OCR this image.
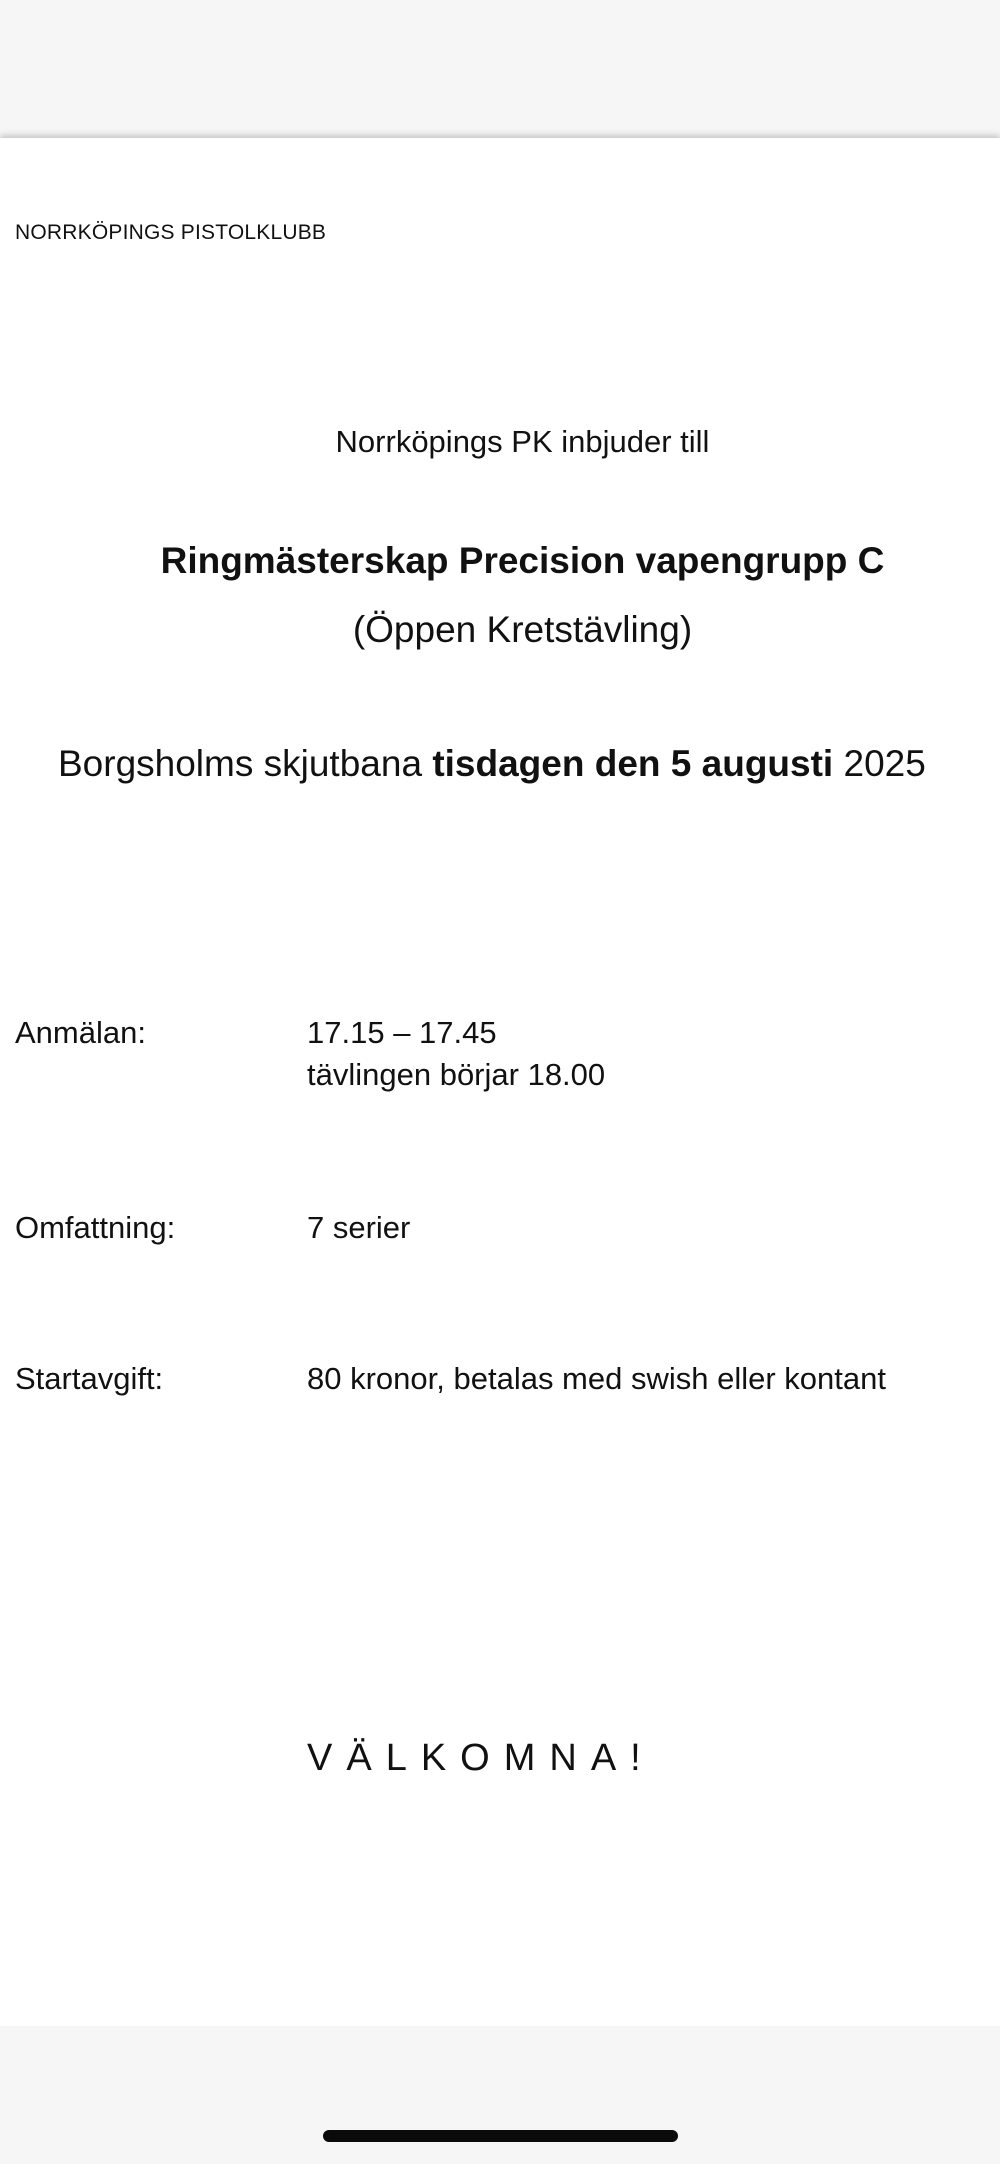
NORRKÖPINGS PISTOLKLUBB
Norrköpings PK inbjuder till
Ringmästerskap Precision vapengrupp C
(Öppen Kretstävling)
Borgsholms skjutbana tisdagen den 5 augusti 2025
Anmälan:	17.15 – 17.45
tävlingen börjar 18.00
Omfattning:	7 serier
Startavgift:	80 kronor, betalas med swish eller kontant
VÄLKOMNA!
